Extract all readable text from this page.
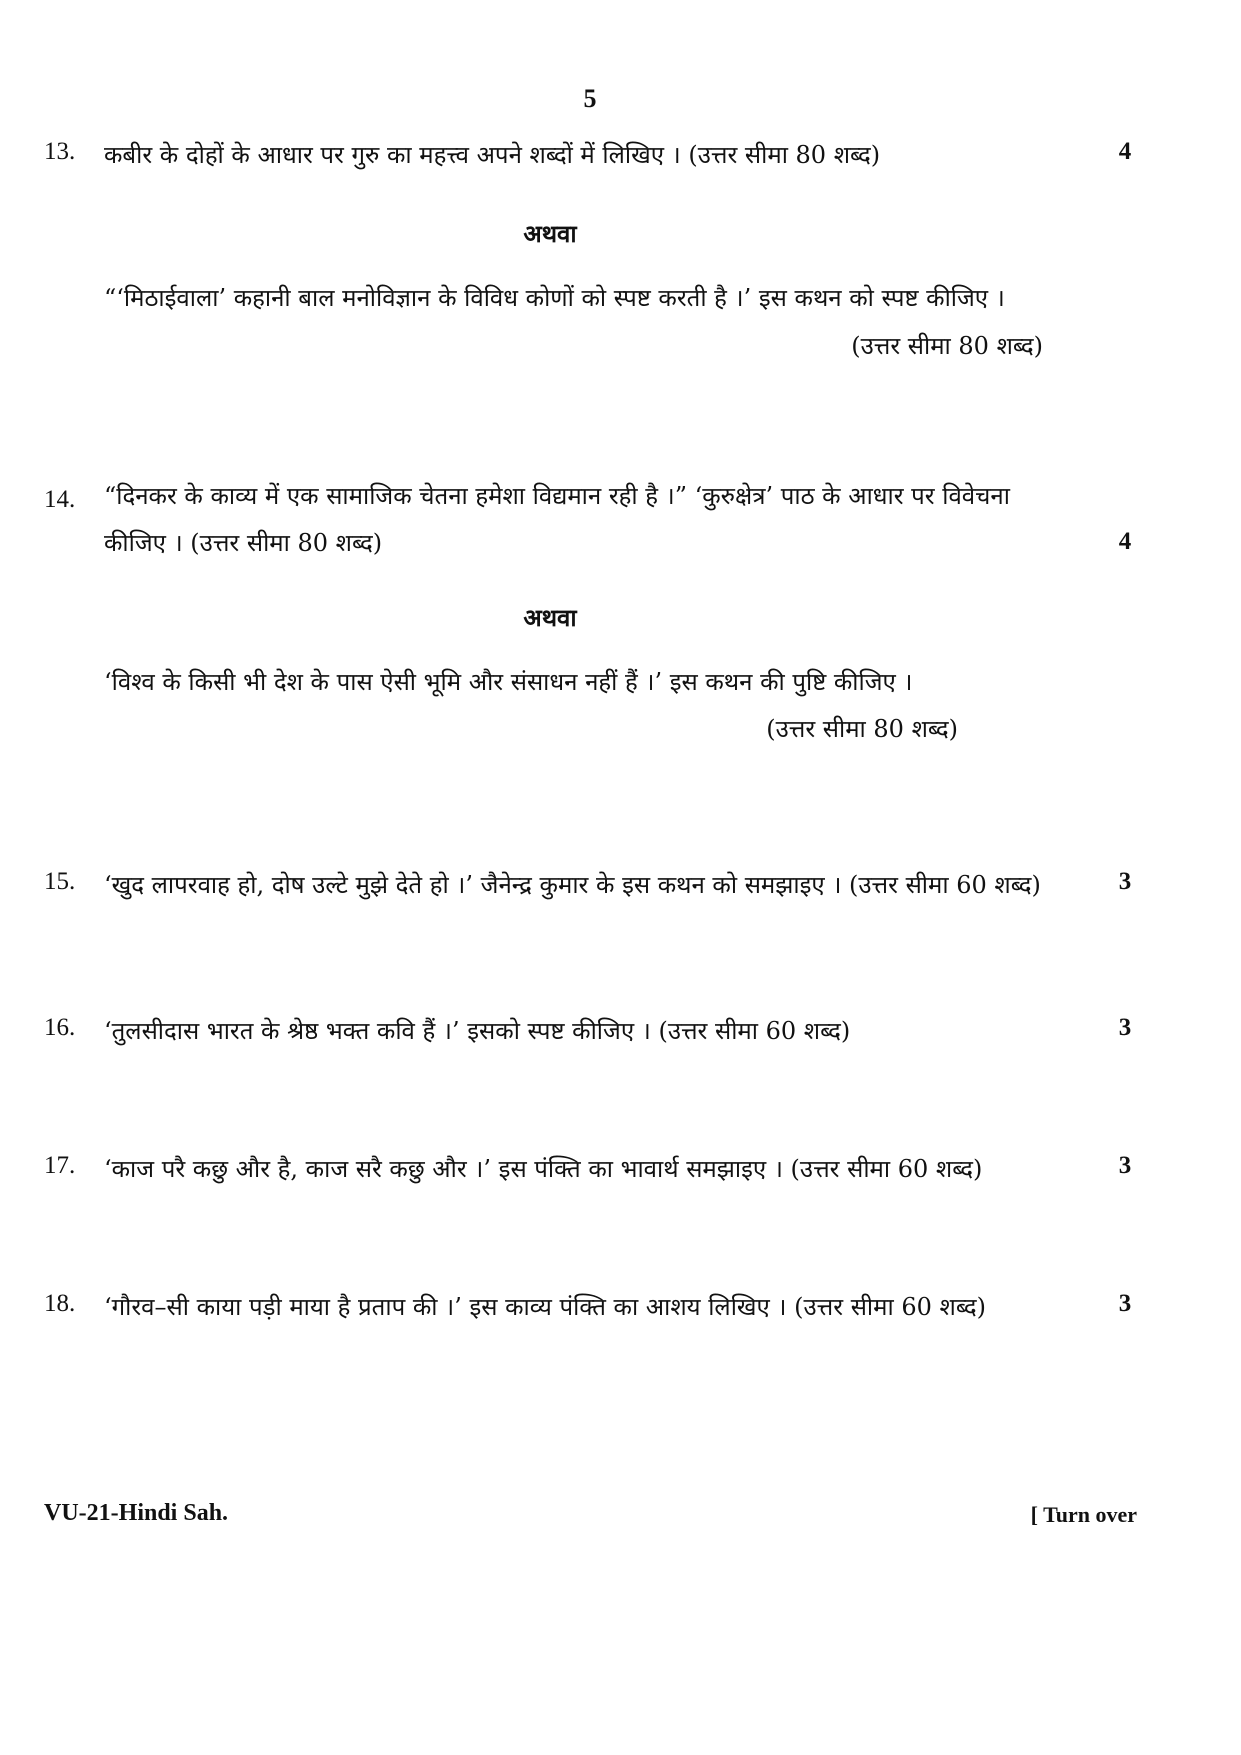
5
13. कबीर के दोहों के आधार पर गुरु का महत्त्व अपने शब्दों में लिखिए । (उत्तर सीमा 80 शब्द)	4
अथवा
“‘मिठाईवाला’ कहानी बाल मनोविज्ञान के विविध कोणों को स्पष्ट करती है ।’ इस कथन को स्पष्ट कीजिए ।
(उत्तर सीमा 80 शब्द)
14. “दिनकर के काव्य में एक सामाजिक चेतना हमेशा विद्यमान रही है ।” ‘कुरुक्षेत्र’ पाठ के आधार पर विवेचना
कीजिए । (उत्तर सीमा 80 शब्द)	4
अथवा
‘विश्व के किसी भी देश के पास ऐसी भूमि और संसाधन नहीं हैं ।’ इस कथन की पुष्टि कीजिए ।
(उत्तर सीमा 80 शब्द)
15. ‘खुद लापरवाह हो, दोष उल्टे मुझे देते हो ।’ जैनेन्द्र कुमार के इस कथन को समझाइए । (उत्तर सीमा 60 शब्द)	3
16. ‘तुलसीदास भारत के श्रेष्ठ भक्त कवि हैं ।’ इसको स्पष्ट कीजिए । (उत्तर सीमा 60 शब्द)	3
17. ‘काज परै कछु और है, काज सरै कछु और ।’ इस पंक्ति का भावार्थ समझाइए । (उत्तर सीमा 60 शब्द)	3
18. ‘गौरव–सी काया पड़ी माया है प्रताप की ।’ इस काव्य पंक्ति का आशय लिखिए । (उत्तर सीमा 60 शब्द)	3
VU-21-Hindi Sah.	[ Turn over
